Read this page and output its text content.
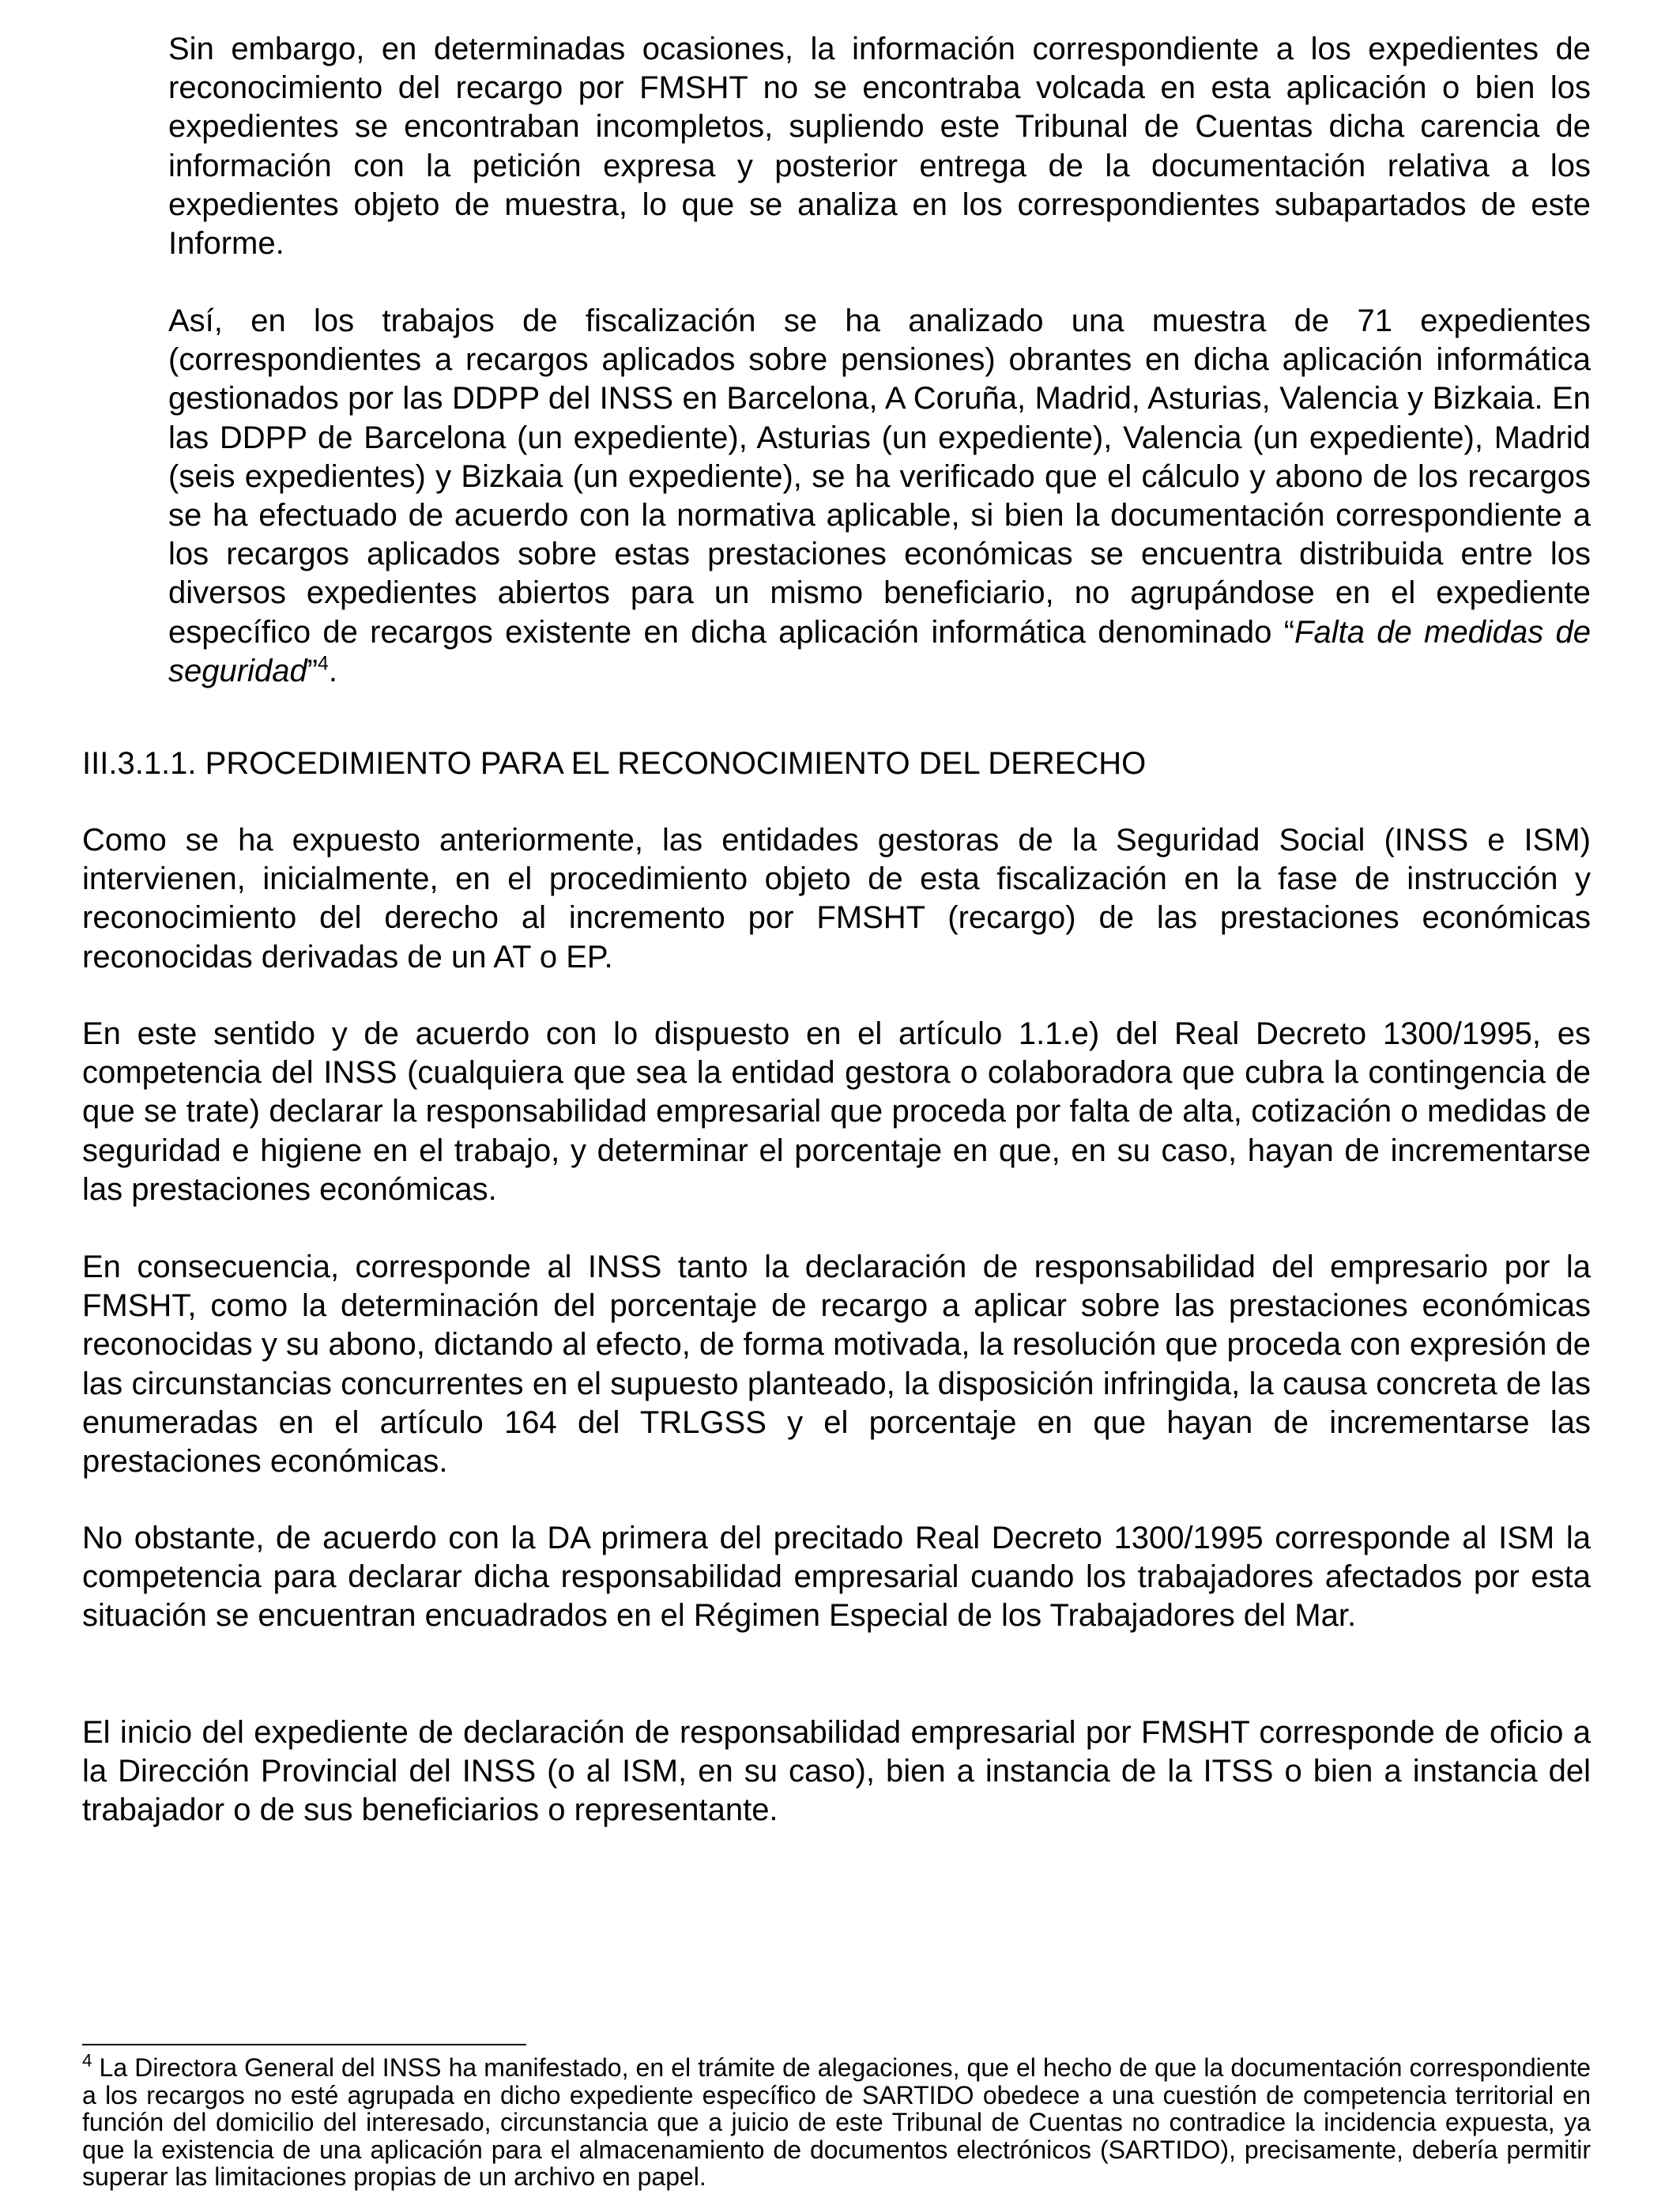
Sin embargo, en determinadas ocasiones, la información correspondiente a los expedientes de reconocimiento del recargo por FMSHT no se encontraba volcada en esta aplicación o bien los expedientes se encontraban incompletos, supliendo este Tribunal de Cuentas dicha carencia de información con la petición expresa y posterior entrega de la documentación relativa a los expedientes objeto de muestra, lo que se analiza en los correspondientes subapartados de este Informe.

Así, en los trabajos de fiscalización se ha analizado una muestra de 71 expedientes (correspondientes a recargos aplicados sobre pensiones) obrantes en dicha aplicación informática gestionados por las DDPP del INSS en Barcelona, A Coruña, Madrid, Asturias, Valencia y Bizkaia. En las DDPP de Barcelona (un expediente), Asturias (un expediente), Valencia (un expediente), Madrid (seis expedientes) y Bizkaia (un expediente), se ha verificado que el cálculo y abono de los recargos se ha efectuado de acuerdo con la normativa aplicable, si bien la documentación correspondiente a los recargos aplicados sobre estas prestaciones económicas se encuentra distribuida entre los diversos expedientes abiertos para un mismo beneficiario, no agrupándose en el expediente específico de recargos existente en dicha aplicación informática denominado “Falta de medidas de seguridad”$^4$.

III.3.1.1. PROCEDIMIENTO PARA EL RECONOCIMIENTO DEL DERECHO

Como se ha expuesto anteriormente, las entidades gestoras de la Seguridad Social (INSS e ISM) intervienen, inicialmente, en el procedimiento objeto de esta fiscalización en la fase de instrucción y reconocimiento del derecho al incremento por FMSHT (recargo) de las prestaciones económicas reconocidas derivadas de un AT o EP.

En este sentido y de acuerdo con lo dispuesto en el artículo 1.1.e) del Real Decreto 1300/1995, es competencia del INSS (cualquiera que sea la entidad gestora o colaboradora que cubra la contingencia de que se trate) declarar la responsabilidad empresarial que proceda por falta de alta, cotización o medidas de seguridad e higiene en el trabajo, y determinar el porcentaje en que, en su caso, hayan de incrementarse las prestaciones económicas.

En consecuencia, corresponde al INSS tanto la declaración de responsabilidad del empresario por la FMSHT, como la determinación del porcentaje de recargo a aplicar sobre las prestaciones económicas reconocidas y su abono, dictando al efecto, de forma motivada, la resolución que proceda con expresión de las circunstancias concurrentes en el supuesto planteado, la disposición infringida, la causa concreta de las enumeradas en el artículo 164 del TRLGSS y el porcentaje en que hayan de incrementarse las prestaciones económicas.

No obstante, de acuerdo con la DA primera del precitado Real Decreto 1300/1995 corresponde al ISM la competencia para declarar dicha responsabilidad empresarial cuando los trabajadores afectados por esta situación se encuentran encuadrados en el Régimen Especial de los Trabajadores del Mar.

El inicio del expediente de declaración de responsabilidad empresarial por FMSHT corresponde de oficio a la Dirección Provincial del INSS (o al ISM, en su caso), bien a instancia de la ITSS o bien a instancia del trabajador o de sus beneficiarios o representante.

$^4$ La Directora General del INSS ha manifestado, en el trámite de alegaciones, que el hecho de que la documentación correspondiente a los recargos no esté agrupada en dicho expediente específico de SARTIDO obedece a una cuestión de competencia territorial en función del domicilio del interesado, circunstancia que a juicio de este Tribunal de Cuentas no contradice la incidencia expuesta, ya que la existencia de una aplicación para el almacenamiento de documentos electrónicos (SARTIDO), precisamente, debería permitir superar las limitaciones propias de un archivo en papel.
